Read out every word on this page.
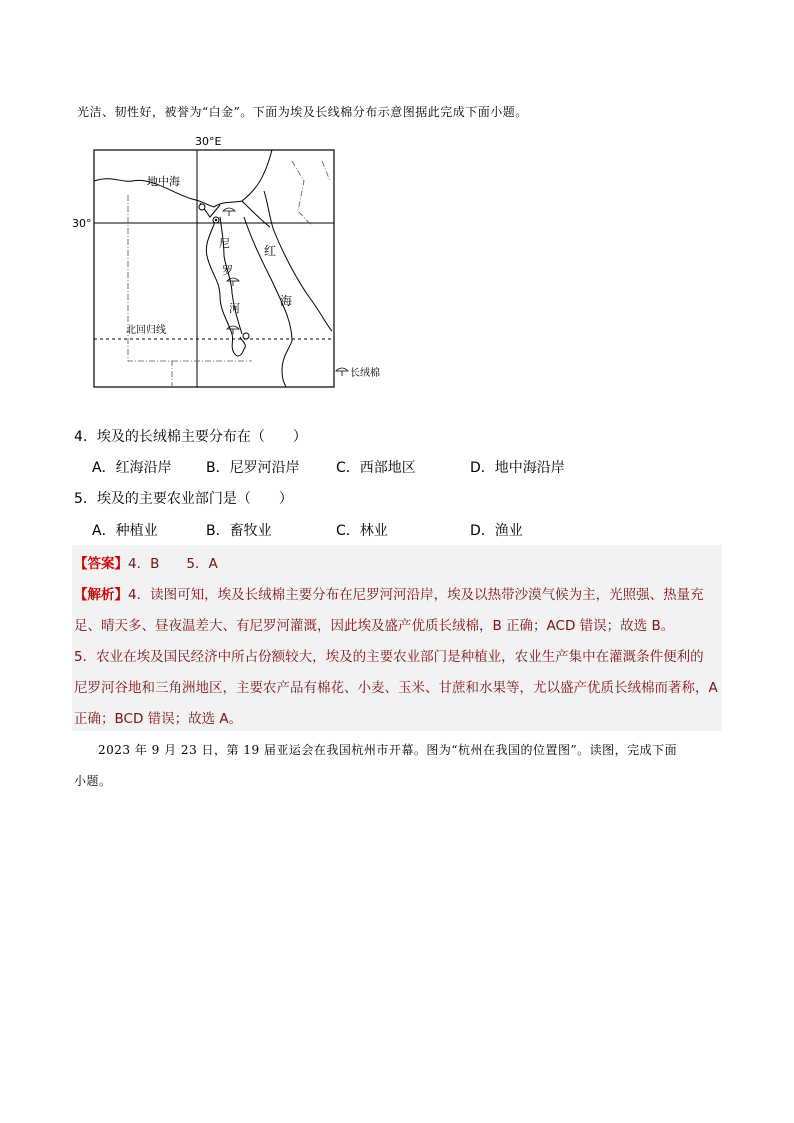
光洁、韧性好，被誉为“白金”。下面为埃及长线棉分布示意图据此完成下面小题。
30°E
30°
地中海
尼
罗
河
红
海
北回归线
长绒棉
4．埃及的长绒棉主要分布在（　　）
A．红海沿岸 B．尼罗河沿岸	C．西部地区	D．地中海沿岸
5．埃及的主要农业部门是（　　）
A．种植业	B．畜牧业	C．林业	D．渔业
【答案】4．B　　5．A
【解析】4．读图可知，埃及长绒棉主要分布在尼罗河河沿岸，埃及以热带沙漠气候为主，光照强、热量充
足、晴天多、昼夜温差大、有尼罗河灌溉，因此埃及盛产优质长绒棉，B 正确；ACD 错误；故选 B。
5．农业在埃及国民经济中所占份额较大，埃及的主要农业部门是种植业，农业生产集中在灌溉条件便利的
尼罗河谷地和三角洲地区，主要农产品有棉花、小麦、玉米、甘蔗和水果等，尤以盛产优质长绒棉而著称，A
正确；BCD 错误；故选 A。
2023 年 9 月 23 日，第 19 届亚运会在我国杭州市开幕。图为“杭州在我国的位置图”。读图，完成下面
小题。
